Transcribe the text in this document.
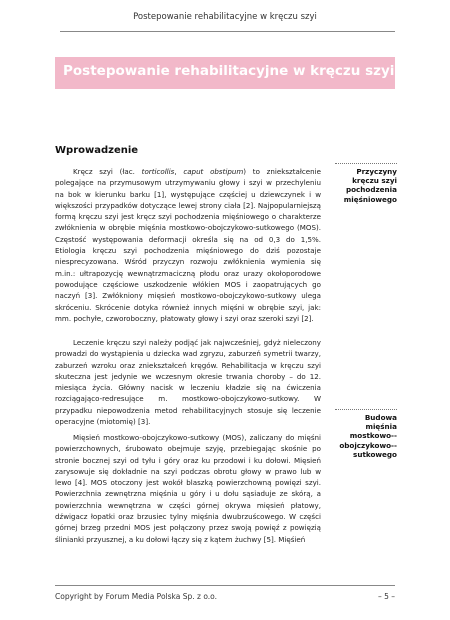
Postepowanie rehabilitacyjne w kręczu szyi
Postepowanie rehabilitacyjne w kręczu szyi
Wprowadzenie

Kręcz szyi (łac. torticollis, caput obstipum) to zniekształcenie polegające na przymusowym utrzymywaniu głowy i szyi w przechyleniu na bok w kierunku barku [1], występujące częściej u dziewczynek i w większości przypadków dotyczące lewej strony ciała [2]. Najpopularniejszą formą kręczu szyi jest kręcz szyi pochodzenia mięśniowego o charakterze zwłóknienia w obrębie mięśnia mostkowo-obojczykowo-sutkowego (MOS). Częstość występowania deformacji określa się na od 0,3 do 1,5%. Etiologia kręczu szyi pochodzenia mięśniowego do dziś pozostaje niesprecyzowana. Wśród przyczyn rozwoju zwłóknienia wymienia się m.in.: ułtrapozycję wewnątrzmaciczną płodu oraz urazy okołoporodowe powodujące częściowe uszkodzenie włókien MOS i zaopatrujących go naczyń [3]. Zwłókniony mięsień mostkowo-obojczykowo-sutkowy ulega skróceniu. Skrócenie dotyka również innych mięśni w obrębie szyi, jak: mm. pochyłe, czworoboczny, płatowaty głowy i szyi oraz szeroki szyi [2].

Leczenie kręczu szyi należy podjąć jak najwcześniej, gdyż nieleczony prowadzi do wystąpienia u dziecka wad zgryzu, zaburzeń symetrii twarzy, zaburzeń wzroku oraz zniekształceń kręgów. Rehabilitacja w kręczu szyi skuteczna jest jedynie we wczesnym okresie trwania choroby – do 12. miesiąca życia. Główny nacisk w leczeniu kładzie się na ćwiczenia rozciągająco-redresujące m. mostkowo-obojczykowo-sutkowy. W przypadku niepowodzenia metod rehabilitacyjnych stosuje się leczenie operacyjne (miotomię) [3].

Mięsień mostkowo-obojczykowo-sutkowy (MOS), zaliczany do mięśni powierzchownych, śrubowato obejmuje szyję, przebiegając skośnie po stronie bocznej szyi od tyłu i góry oraz ku przodowi i ku dołowi. Mięsień zarysowuje się dokładnie na szyi podczas obrotu głowy w prawo lub w lewo [4]. MOS otoczony jest wokół blaszką powierzchowną powięzi szyi. Powierzchnia zewnętrzna mięśnia u góry i u dołu sąsiaduje ze skórą, a powierzchnia wewnętrzna w części górnej okrywa mięsień płatowy, dźwigacz łopatki oraz brzusiec tylny mięśnia dwubrzuścowego. W części górnej brzeg przedni MOS jest połączony przez swoją powięź z powięzią ślinianki przyusznej, a ku dołowi łączy się z kątem żuchwy [5]. Mięśień

Przyczyny kręczu szyi pochodzenia mięśniowego
Budowa mięśnia mostkowo--obojczykowo--sutkowego
Copyright by Forum Media Polska Sp. z o.o.	– 5 –
